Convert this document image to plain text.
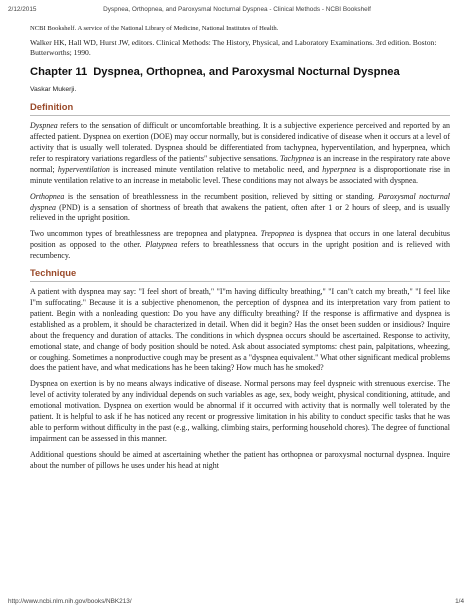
2/12/2015	Dyspnea, Orthopnea, and Paroxysmal Nocturnal Dyspnea - Clinical Methods - NCBI Bookshelf

NCBI Bookshelf. A service of the National Library of Medicine, National Institutes of Health.

Walker HK, Hall WD, Hurst JW, editors. Clinical Methods: The History, Physical, and Laboratory Examinations. 3rd edition. Boston: Butterworths; 1990.

Chapter 11 Dyspnea, Orthopnea, and Paroxysmal Nocturnal Dyspnea

Vaskar Mukerji.

Definition

Dyspnea refers to the sensation of difficult or uncomfortable breathing. It is a subjective experience perceived and reported by an affected patient. Dyspnea on exertion (DOE) may occur normally, but is considered indicative of disease when it occurs at a level of activity that is usually well tolerated. Dyspnea should be differentiated from tachypnea, hyperventilation, and hyperpnea, which refer to respiratory variations regardless of the patients" subjective sensations. Tachypnea is an increase in the respiratory rate above normal; hyperventilation is increased minute ventilation relative to metabolic need, and hyperpnea is a disproportionate rise in minute ventilation relative to an increase in metabolic level. These conditions may not always be associated with dyspnea.

Orthopnea is the sensation of breathlessness in the recumbent position, relieved by sitting or standing. Paroxysmal nocturnal dyspnea (PND) is a sensation of shortness of breath that awakens the patient, often after 1 or 2 hours of sleep, and is usually relieved in the upright position.

Two uncommon types of breathlessness are trepopnea and platypnea. Trepopnea is dyspnea that occurs in one lateral decubitus position as opposed to the other. Platypnea refers to breathlessness that occurs in the upright position and is relieved with recumbency.

Technique

A patient with dyspnea may say: "I feel short of breath," "I"m having difficulty breathing," "I can"t catch my breath," "I feel like I"m suffocating." Because it is a subjective phenomenon, the perception of dyspnea and its interpretation vary from patient to patient. Begin with a nonleading question: Do you have any difficulty breathing? If the response is affirmative and dyspnea is established as a problem, it should be characterized in detail. When did it begin? Has the onset been sudden or insidious? Inquire about the frequency and duration of attacks. The conditions in which dyspnea occurs should be ascertained. Response to activity, emotional state, and change of body position should be noted. Ask about associated symptoms: chest pain, palpitations, wheezing, or coughing. Sometimes a nonproductive cough may be present as a "dyspnea equivalent." What other significant medical problems does the patient have, and what medications has he been taking? How much has he smoked?

Dyspnea on exertion is by no means always indicative of disease. Normal persons may feel dyspneic with strenuous exercise. The level of activity tolerated by any individual depends on such variables as age, sex, body weight, physical conditioning, attitude, and emotional motivation. Dyspnea on exertion would be abnormal if it occurred with activity that is normally well tolerated by the patient. It is helpful to ask if he has noticed any recent or progressive limitation in his ability to conduct specific tasks that he was able to perform without difficulty in the past (e.g., walking, climbing stairs, performing household chores). The degree of functional impairment can be assessed in this manner.

Additional questions should be aimed at ascertaining whether the patient has orthopnea or paroxysmal nocturnal dyspnea. Inquire about the number of pillows he uses under his head at night

http://www.ncbi.nlm.nih.gov/books/NBK213/	1/4
